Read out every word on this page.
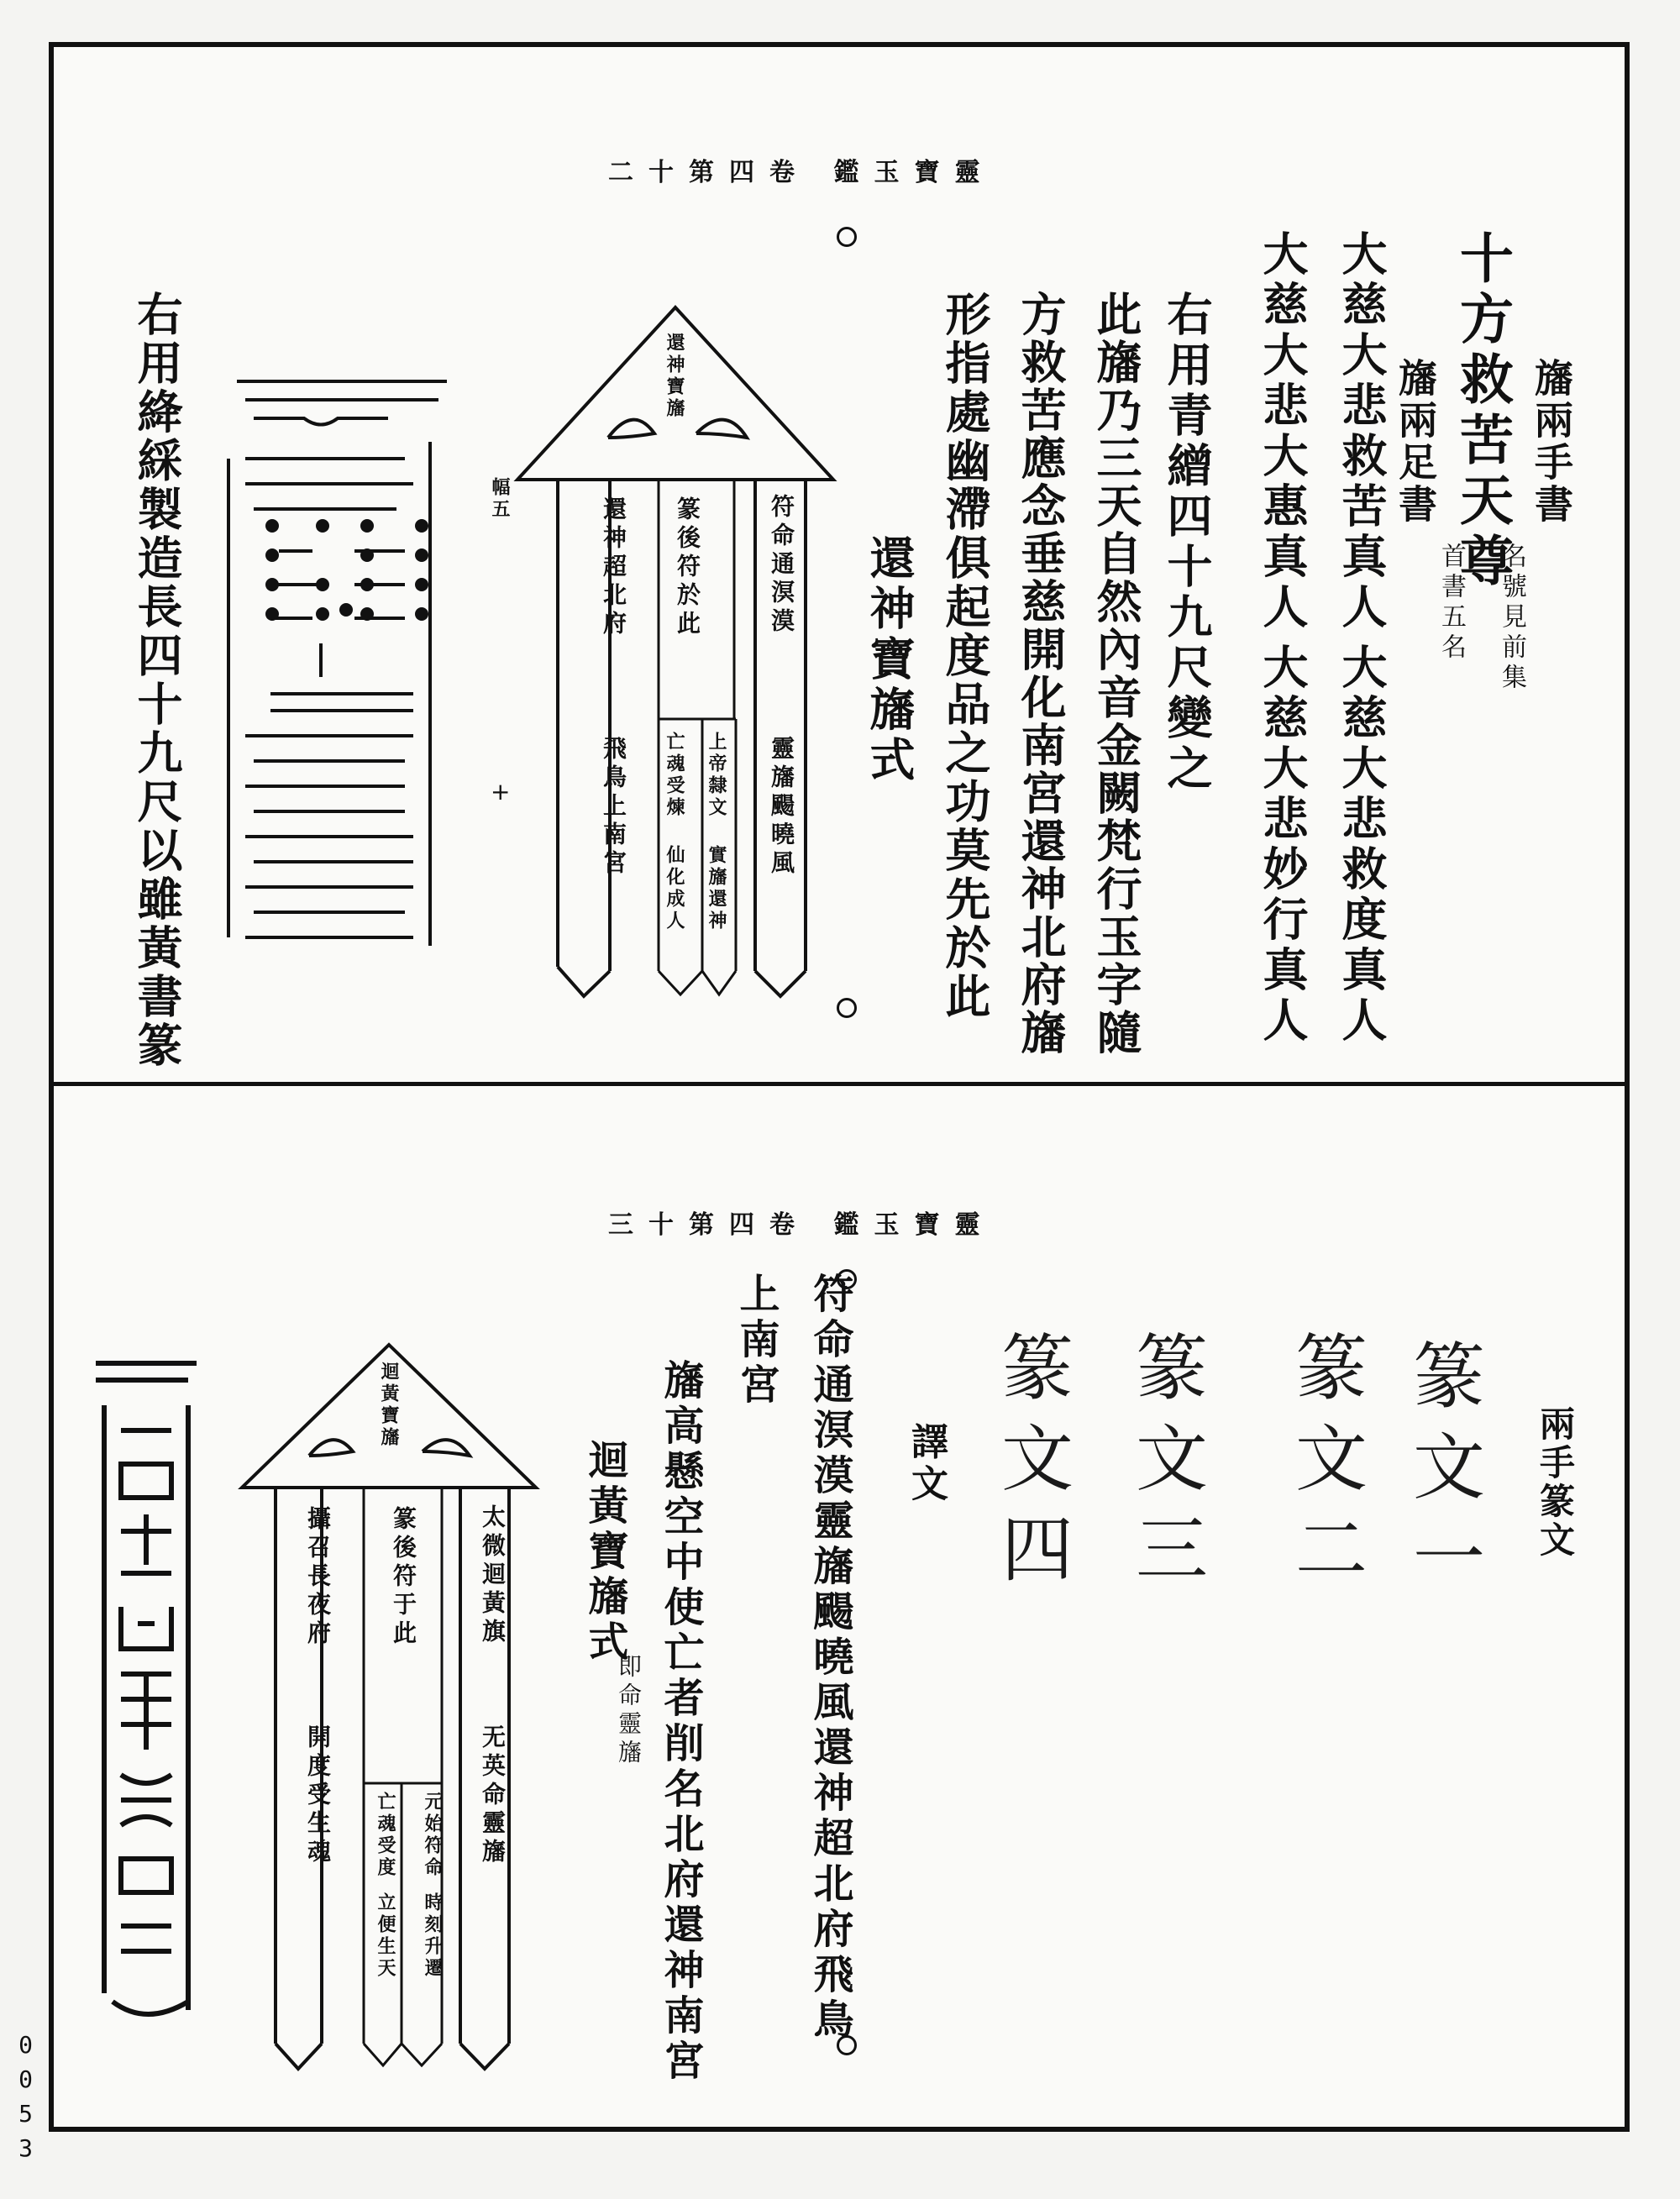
二十第四卷 鑑玉寶靈
旛兩手書
十方救苦天尊
名號見前集
旛兩足書
首書五名
大慈大悲救苦真人
大慈大悲救度真人
大慈大悲大惠真人
大慈大悲妙行真人
右用青繒四十九尺變之
此旛乃三天自然內音金闕梵行玉字隨
方救苦應念垂慈開化南宮還神北府旛
形指處幽滯俱起度品之功莫先於此
還神寶旛式
還神寶旛
符命通溟漠
靈旛颺曉風
篆後符於此
上帝隸文
實旛還神
亡魂受煉
仙化成人
還神超北府
飛鳥上南宮
幅五
+
右用絳綵製造長四十九尺以雖黃書篆
三十第四卷 鑑玉寶靈
兩手篆文
篆文一
篆文二
篆文三
篆文四
譯文
符命通溟漠靈旛颺曉風還神超北府飛鳥
上南宮
旛高懸空中使亡者削名北府還神南宮
迴黃寶旛式
即命靈旛
迴黃寶旛
太微迴黃旗
无英命靈旛
篆後符于此
元始符命
時刻升遷
亡魂受度
立便生天
攝召長夜府
開度受生魂
0053
